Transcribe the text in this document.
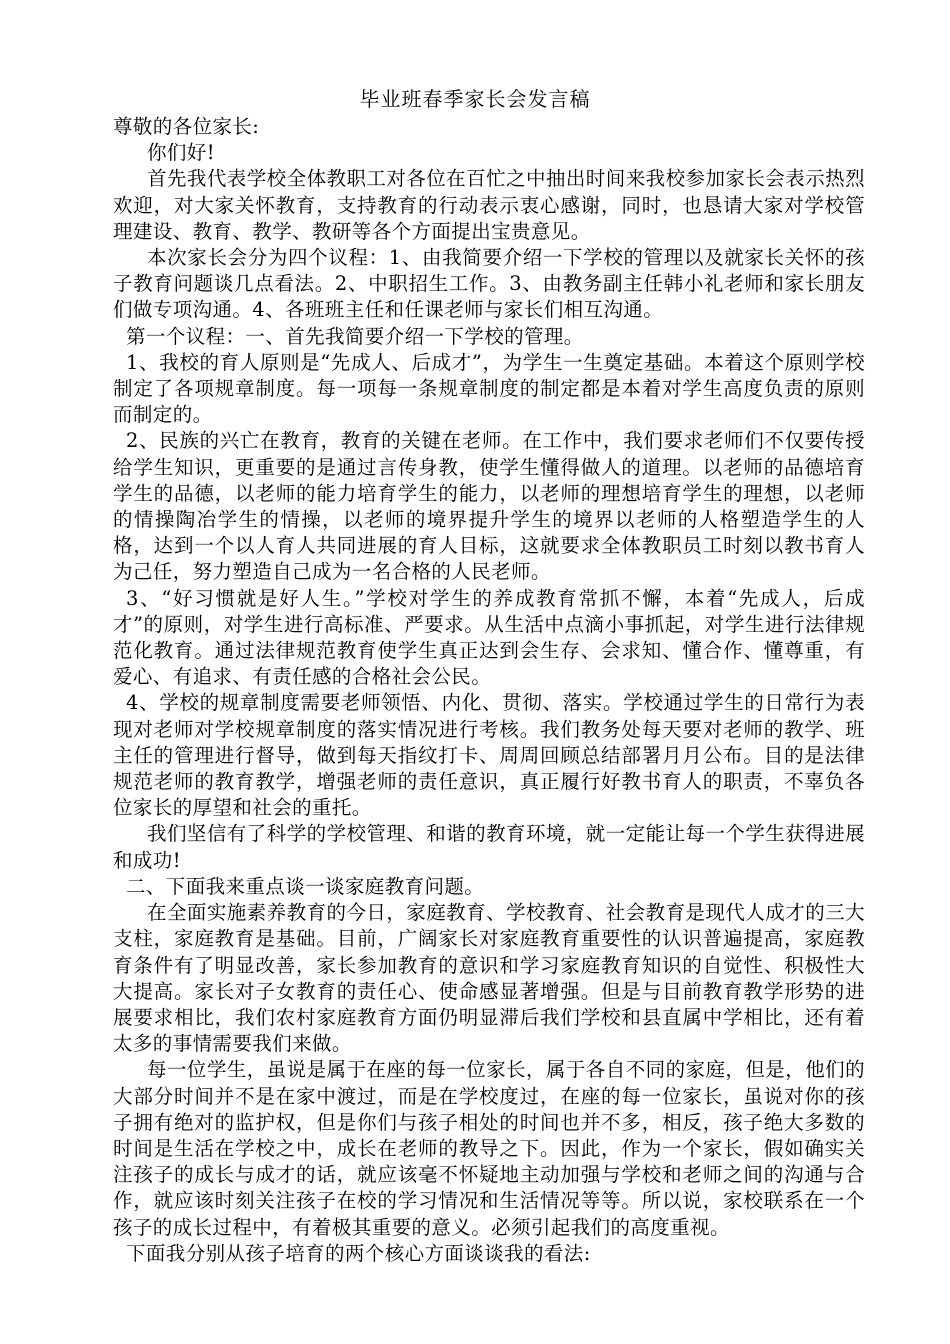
毕业班春季家长会发言稿

尊敬的各位家长:

你们好!

首先我代表学校全体教职工对各位在百忙之中抽出时间来我校参加家长会表示热烈欢迎，对大家关怀教育，支持教育的行动表示衷心感谢，同时，也恳请大家对学校管理建设、教育、教学、教研等各个方面提出宝贵意见。

本次家长会分为四个议程：1、由我简要介绍一下学校的管理以及就家长关怀的孩子教育问题谈几点看法。2、中职招生工作。3、由教务副主任韩小礼老师和家长朋友们做专项沟通。4、各班班主任和任课老师与家长们相互沟通。

第一个议程：一、首先我简要介绍一下学校的管理。

1、我校的育人原则是“先成人、后成才”，为学生一生奠定基础。本着这个原则学校制定了各项规章制度。每一项每一条规章制度的制定都是本着对学生高度负责的原则而制定的。

2、民族的兴亡在教育，教育的关键在老师。在工作中，我们要求老师们不仅要传授给学生知识，更重要的是通过言传身教，使学生懂得做人的道理。以老师的品德培育学生的品德，以老师的能力培育学生的能力，以老师的理想培育学生的理想，以老师的情操陶冶学生的情操，以老师的境界提升学生的境界以老师的人格塑造学生的人格，达到一个以人育人共同进展的育人目标，这就要求全体教职员工时刻以教书育人为己任，努力塑造自己成为一名合格的人民老师。

3、“好习惯就是好人生。”学校对学生的养成教育常抓不懈，本着“先成人，后成才”的原则，对学生进行高标准、严要求。从生活中点滴小事抓起，对学生进行法律规范化教育。通过法律规范教育使学生真正达到会生存、会求知、懂合作、懂尊重，有爱心、有追求、有责任感的合格社会公民。

4、学校的规章制度需要老师领悟、内化、贯彻、落实。学校通过学生的日常行为表现对老师对学校规章制度的落实情况进行考核。我们教务处每天要对老师的教学、班主任的管理进行督导，做到每天指纹打卡、周周回顾总结部署月月公布。目的是法律规范老师的教育教学，增强老师的责任意识，真正履行好教书育人的职责，不辜负各位家长的厚望和社会的重托。

我们坚信有了科学的学校管理、和谐的教育环境，就一定能让每一个学生获得进展和成功!

二、下面我来重点谈一谈家庭教育问题。

在全面实施素养教育的今日，家庭教育、学校教育、社会教育是现代人成才的三大支柱，家庭教育是基础。目前，广阔家长对家庭教育重要性的认识普遍提高，家庭教育条件有了明显改善，家长参加教育的意识和学习家庭教育知识的自觉性、积极性大大提高。家长对子女教育的责任心、使命感显著增强。但是与目前教育教学形势的进展要求相比，我们农村家庭教育方面仍明显滞后我们学校和县直属中学相比，还有着太多的事情需要我们来做。

每一位学生，虽说是属于在座的每一位家长，属于各自不同的家庭，但是，他们的大部分时间并不是在家中渡过，而是在学校度过，在座的每一位家长，虽说对你的孩子拥有绝对的监护权，但是你们与孩子相处的时间也并不多，相反，孩子绝大多数的时间是生活在学校之中，成长在老师的教导之下。因此，作为一个家长，假如确实关注孩子的成长与成才的话，就应该毫不怀疑地主动加强与学校和老师之间的沟通与合作，就应该时刻关注孩子在校的学习情况和生活情况等等。所以说，家校联系在一个孩子的成长过程中，有着极其重要的意义。必须引起我们的高度重视。

下面我分别从孩子培育的两个核心方面谈谈我的看法:
